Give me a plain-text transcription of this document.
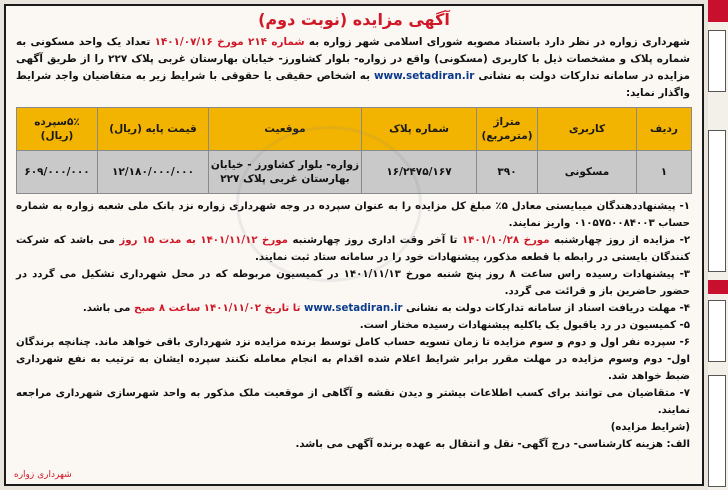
آگهی مزایده (نوبت دوم)
شهرداری زواره در نظر دارد باستناد مصوبه شورای اسلامی شهر زواره به شماره ۲۱۴ مورخ ۱۴۰۱/۰۷/۱۶ تعداد یک واحد مسکونی به شماره پلاک و مشخصات ذیل با کاربری (مسکونی) واقع در زواره- بلوار کشاورز- خیابان بهارستان غربی پلاک ۲۲۷ را از طریق آگهی مزایده در سامانه تدارکات دولت به نشانی www.setadiran.ir به اشخاص حقیقی یا حقوقی با شرایط زیر به متقاضیان واجد شرایط واگذار نماید:
ردیف	کاربری	متراژ (مترمربع)	شماره پلاک	موقعیت	قیمت پایه (ریال)	۵٪سپرده (ریال)
۱	مسکونی	۳۹۰	۱۶/۲۴۷۵/۱۶۷	زواره- بلوار کشاورز - خیابان بهارستان غربی پلاک ۲۲۷	۱۲/۱۸۰/۰۰۰/۰۰۰	۶۰۹/۰۰۰/۰۰۰

۱- پیشنهاددهندگان میبایستی معادل ۵٪ مبلغ کل مزایده را به عنوان سپرده در وجه شهرداری زواره نزد بانک ملی شعبه زواره به شماره حساب ۰۱۰۵۷۵۰۰۸۴۰۰۳ واریز نمایند.

۲- مزایده از روز چهارشنبه مورخ ۱۴۰۱/۱۰/۲۸ تا آخر وقت اداری روز چهارشنبه مورخ ۱۴۰۱/۱۱/۱۲ به مدت ۱۵ روز می باشد که شرکت کنندگان بایستی در رابطه با قطعه مذکور، پیشنهادات خود را در سامانه ستاد ثبت نمایند.

۳- پیشنهادات رسیده راس ساعت ۸ روز پنج شنبه مورخ ۱۴۰۱/۱۱/۱۳ در کمیسیون مربوطه که در محل شهرداری تشکیل می گردد در حضور حاضرین باز و قرائت می گردد.

۴- مهلت دریافت اسناد از سامانه تدارکات دولت به نشانی www.setadiran.ir تا تاریخ ۱۴۰۱/۱۱/۰۲ ساعت ۸ صبح می باشد.

۵- کمیسیون در رد یاقبول یک یاکلیه پیشنهادات رسیده مختار است.

۶- سپرده نفر اول و دوم و سوم مزایده تا زمان تسویه حساب کامل توسط برنده مزایده نزد شهرداری باقی خواهد ماند. چنانچه برندگان اول- دوم وسوم مزایده در مهلت مقرر برابر شرایط اعلام شده اقدام به انجام معامله نکنند سپرده ایشان به ترتیب به نفع شهرداری ضبط خواهد شد.

۷- متقاضیان می توانند برای کسب اطلاعات بیشتر و دیدن نقشه و آگاهی از موقعیت ملک مذکور به واحد شهرسازی شهرداری مراجعه نمایند.

(شرایط مزایده)

الف: هزینه کارشناسی- درج آگهی- نقل و انتقال به عهده برنده آگهی می باشد.

شهرداری زواره
